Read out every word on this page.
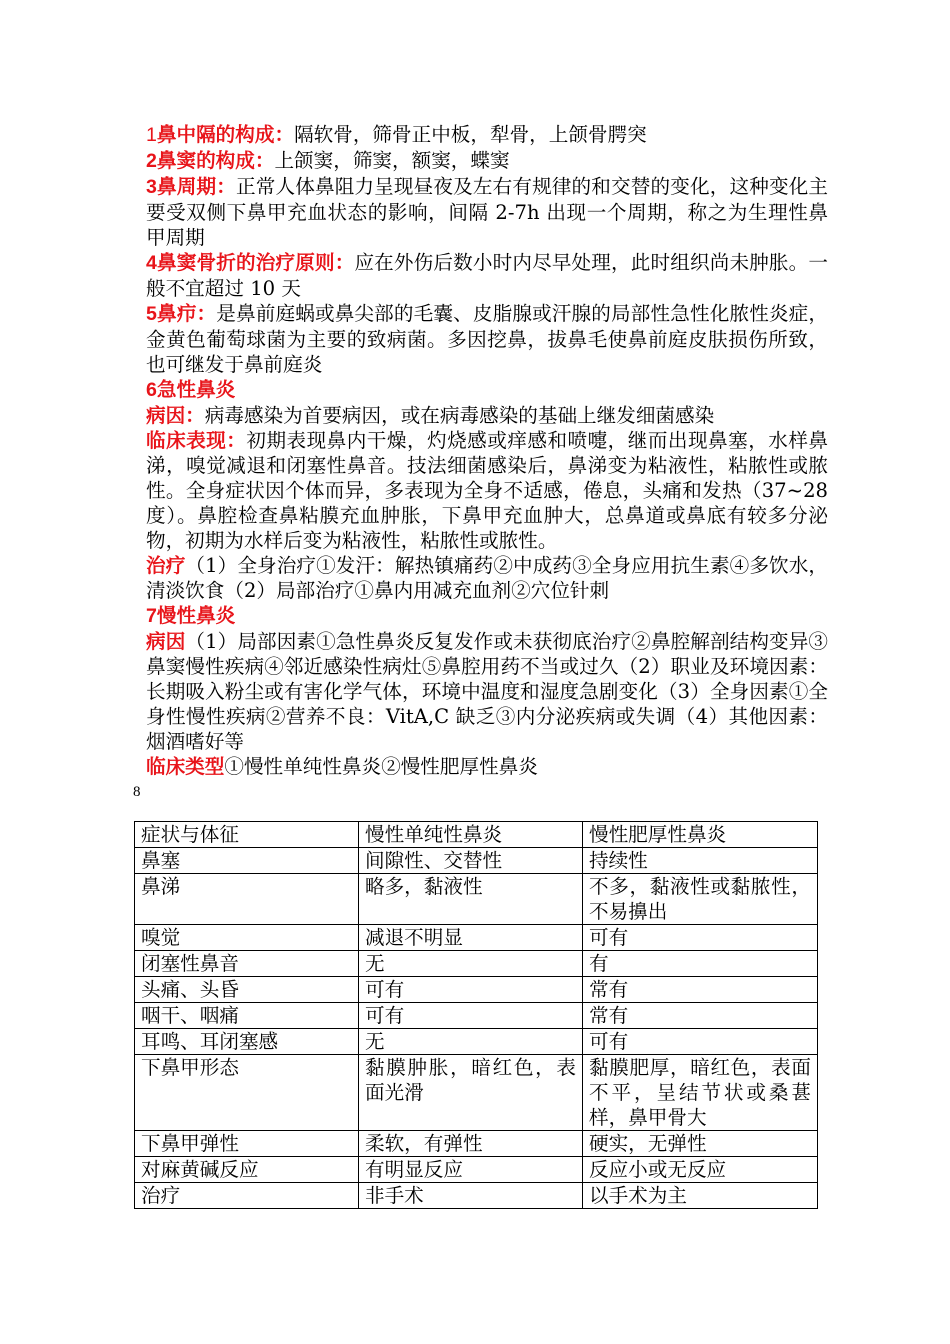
1鼻中隔的构成：隔软骨，筛骨正中板，犁骨，上颌骨腭突

2鼻窦的构成：上颌窦，筛窦，额窦，蝶窦

3鼻周期：正常人体鼻阻力呈现昼夜及左右有规律的和交替的变化，这种变化主要受双侧下鼻甲充血状态的影响，间隔 2-7h 出现一个周期，称之为生理性鼻甲周期

4鼻窦骨折的治疗原则：应在外伤后数小时内尽早处理，此时组织尚未肿胀。一般不宜超过 10 天

5鼻疖：是鼻前庭蜗或鼻尖部的毛囊、皮脂腺或汗腺的局部性急性化脓性炎症，金黄色葡萄球菌为主要的致病菌。多因挖鼻，拔鼻毛使鼻前庭皮肤损伤所致，也可继发于鼻前庭炎

6急性鼻炎

病因：病毒感染为首要病因，或在病毒感染的基础上继发细菌感染

临床表现：初期表现鼻内干燥，灼烧感或痒感和喷嚏，继而出现鼻塞，水样鼻涕，嗅觉减退和闭塞性鼻音。技法细菌感染后，鼻涕变为粘液性，粘脓性或脓性。全身症状因个体而异，多表现为全身不适感，倦息，头痛和发热（37~28 度）。鼻腔检查鼻粘膜充血肿胀，下鼻甲充血肿大，总鼻道或鼻底有较多分泌物，初期为水样后变为粘液性，粘脓性或脓性。

治疗（1）全身治疗①发汗：解热镇痛药②中成药③全身应用抗生素④多饮水，清淡饮食（2）局部治疗①鼻内用减充血剂②穴位针刺

7慢性鼻炎

病因（1）局部因素①急性鼻炎反复发作或未获彻底治疗②鼻腔解剖结构变异③鼻窦慢性疾病④邻近感染性病灶⑤鼻腔用药不当或过久（2）职业及环境因素：长期吸入粉尘或有害化学气体，环境中温度和湿度急剧变化（3）全身因素①全身性慢性疾病②营养不良：VitA,C 缺乏③内分泌疾病或失调（4）其他因素：烟酒嗜好等

临床类型①慢性单纯性鼻炎②慢性肥厚性鼻炎

8
症状与体征	慢性单纯性鼻炎	慢性肥厚性鼻炎
鼻塞	间隙性、交替性	持续性
鼻涕	略多，黏液性	不多，黏液性或黏脓性，不易擤出
嗅觉	减退不明显	可有
闭塞性鼻音	无	有
头痛、头昏	可有	常有
咽干、咽痛	可有	常有
耳鸣、耳闭塞感	无	可有
下鼻甲形态	黏膜肿胀，暗红色，表面光滑	黏膜肥厚，暗红色，表面不平，呈结节状或桑葚样，鼻甲骨大
下鼻甲弹性	柔软，有弹性	硬实，无弹性
对麻黄碱反应	有明显反应	反应小或无反应
治疗	非手术	以手术为主
